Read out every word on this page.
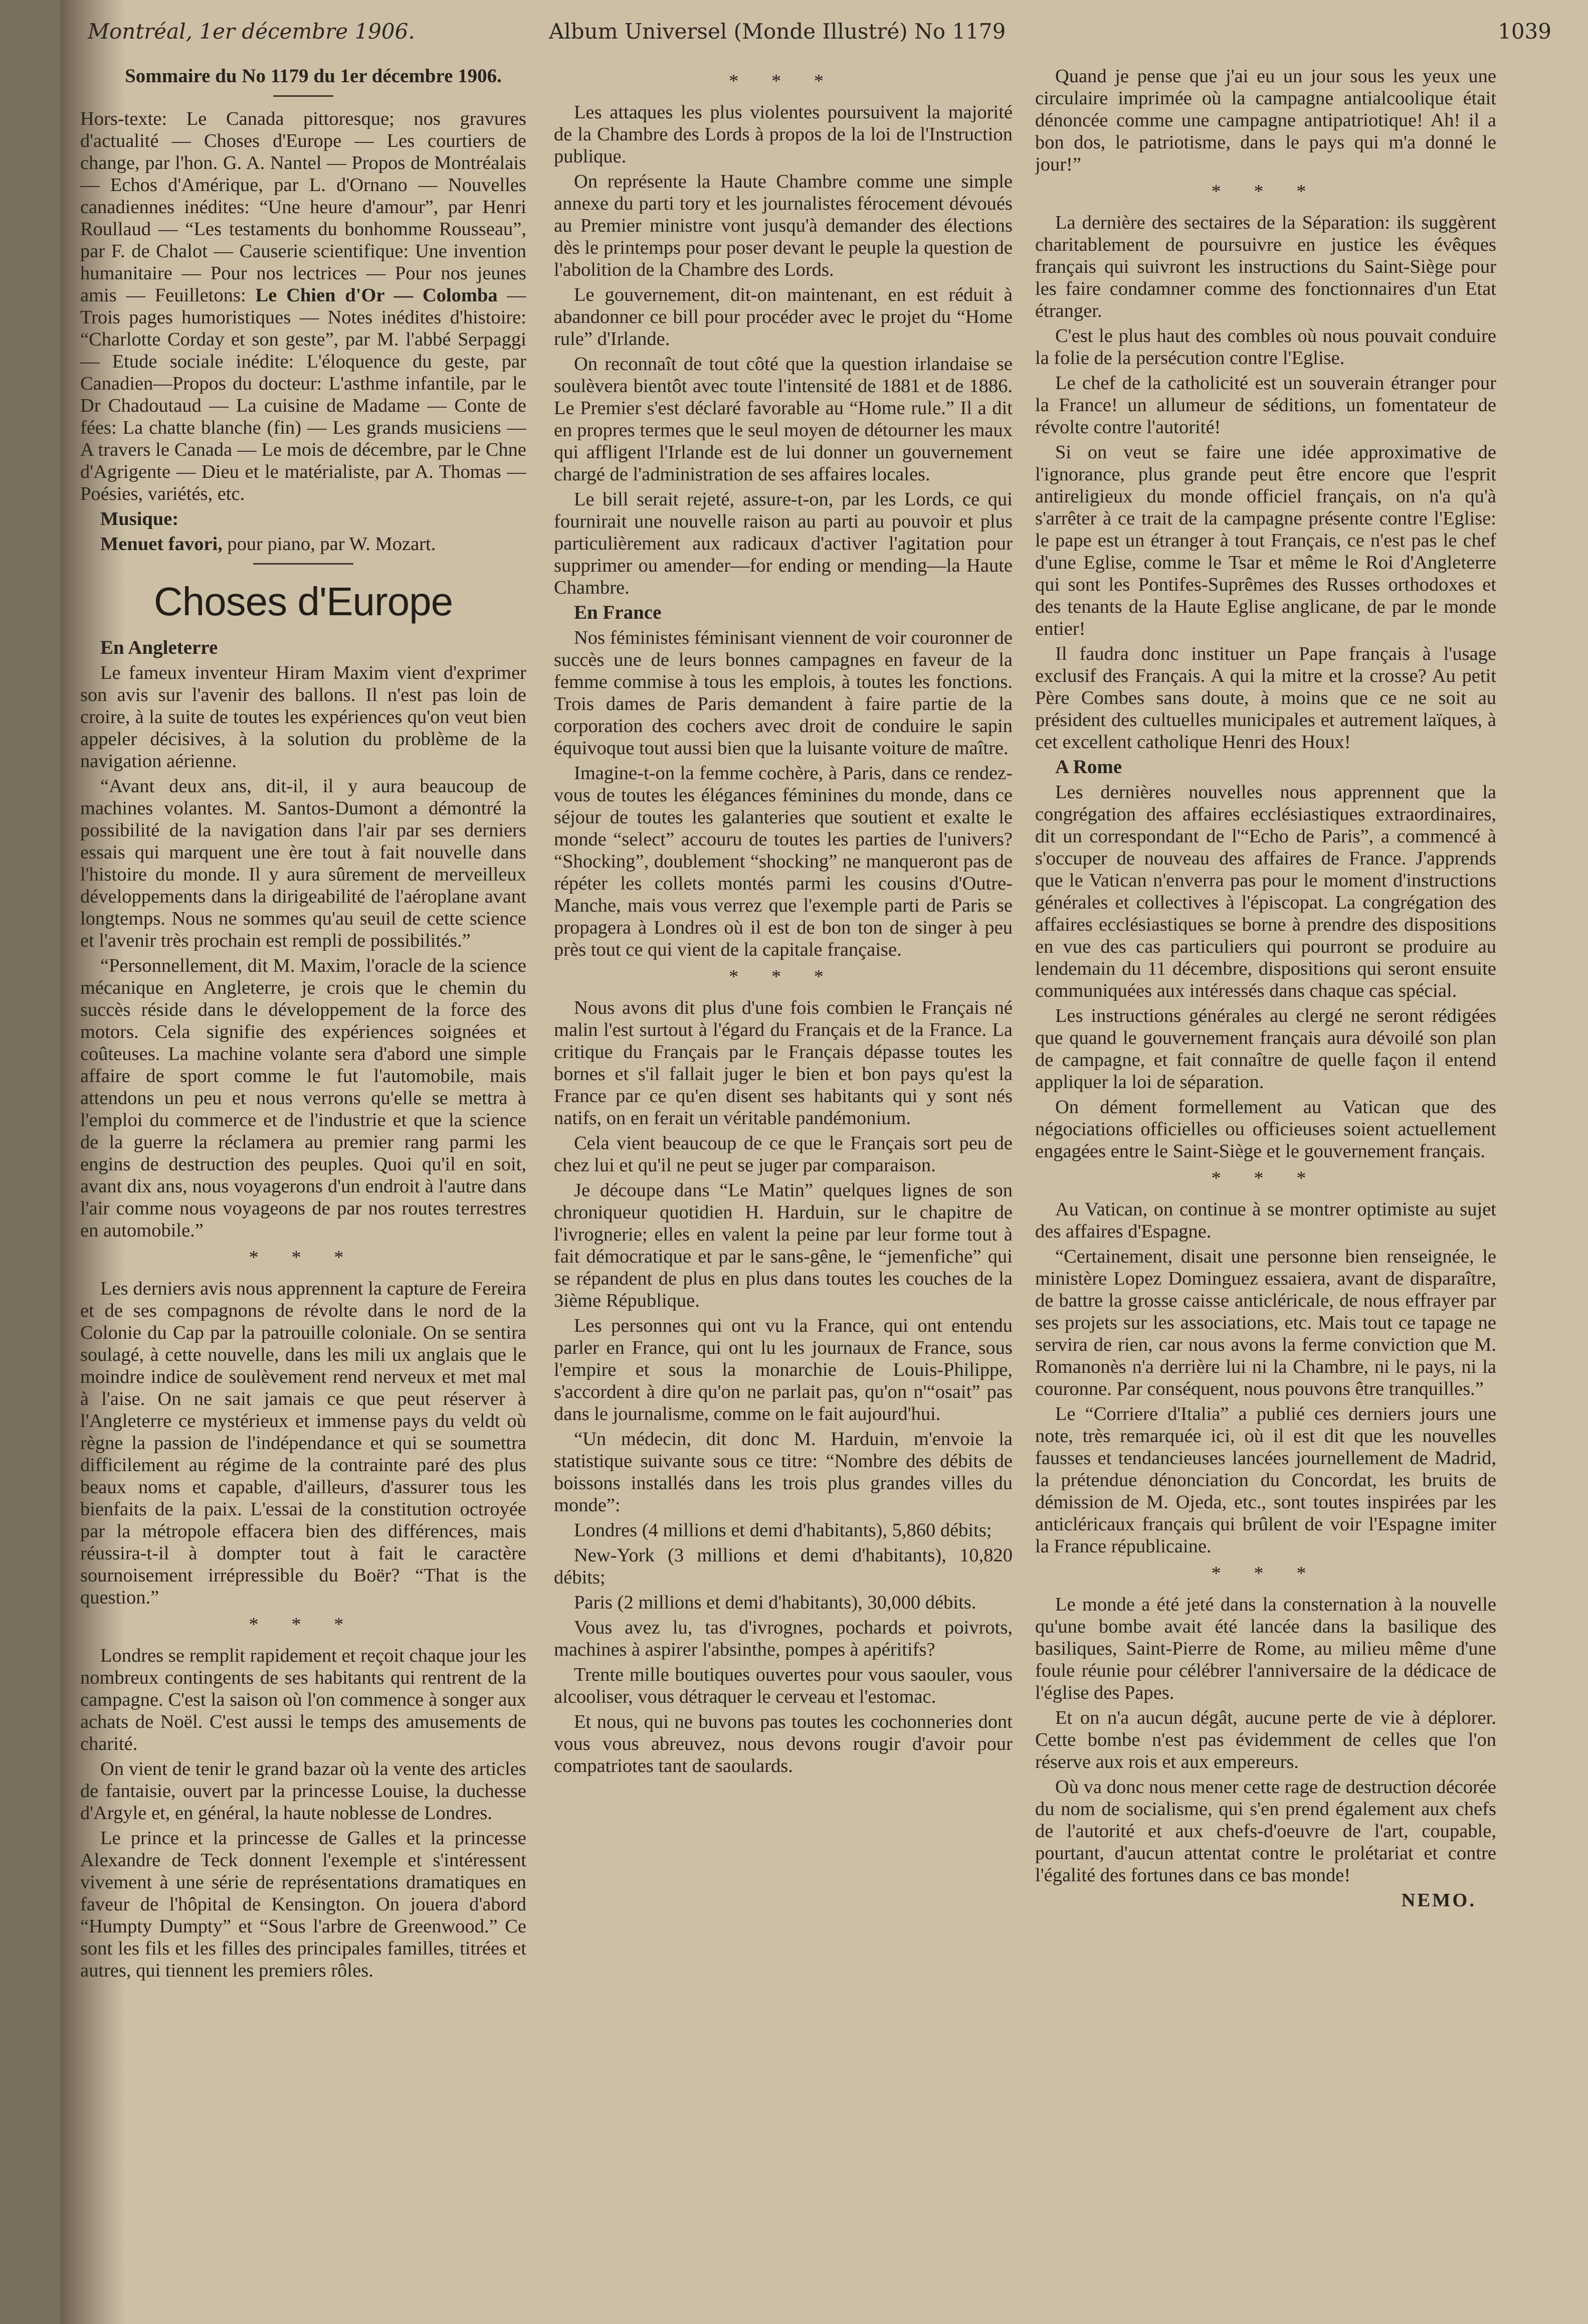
Montréal, 1er décembre 1906.	Album Universel (Monde Illustré) No 1179	1039

Sommaire du No 1179 du 1er décembre 1906.

Hors-texte: Le Canada pittoresque; nos gravures d'actualité — Choses d'Europe — Les courtiers de change, par l'hon. G. A. Nantel — Propos de Montréalais — Echos d'Amérique, par L. d'Ornano — Nouvelles canadiennes inédites: “Une heure d'amour”, par Henri Roullaud — “Les testaments du bonhomme Rousseau”, par F. de Chalot — Causerie scientifique: Une invention humanitaire — Pour nos lectrices — Pour nos jeunes amis — Feuilletons: Le Chien d'Or — Colomba — Trois pages humoristiques — Notes inédites d'histoire: “Charlotte Corday et son geste”, par M. l'abbé Serpaggi — Etude sociale inédite: L'éloquence du geste, par Canadien—Propos du docteur: L'asthme infantile, par le Dr Chadoutaud — La cuisine de Madame — Conte de fées: La chatte blanche (fin) — Les grands musiciens — A travers le Canada — Le mois de décembre, par le Chne d'Agrigente — Dieu et le matérialiste, par A. Thomas — Poésies, variétés, etc.

Musique:

Menuet favori, pour piano, par W. Mozart.

Choses d'Europe

En Angleterre

Le fameux inventeur Hiram Maxim vient d'exprimer son avis sur l'avenir des ballons. Il n'est pas loin de croire, à la suite de toutes les expériences qu'on veut bien appeler décisives, à la solution du problème de la navigation aérienne.

“Avant deux ans, dit-il, il y aura beaucoup de machines volantes. M. Santos-Dumont a démontré la possibilité de la navigation dans l'air par ses derniers essais qui marquent une ère tout à fait nouvelle dans l'histoire du monde. Il y aura sûrement de merveilleux développements dans la dirigeabilité de l'aéroplane avant longtemps. Nous ne sommes qu'au seuil de cette science et l'avenir très prochain est rempli de possibilités.”

“Personnellement, dit M. Maxim, l'oracle de la science mécanique en Angleterre, je crois que le chemin du succès réside dans le développement de la force des motors. Cela signifie des expériences soignées et coûteuses. La machine volante sera d'abord une simple affaire de sport comme le fut l'automobile, mais attendons un peu et nous verrons qu'elle se mettra à l'emploi du commerce et de l'industrie et que la science de la guerre la réclamera au premier rang parmi les engins de destruction des peuples. Quoi qu'il en soit, avant dix ans, nous voyagerons d'un endroit à l'autre dans l'air comme nous voyageons de par nos routes terrestres en automobile.”

* * *

Les derniers avis nous apprennent la capture de Fereira et de ses compagnons de révolte dans le nord de la Colonie du Cap par la patrouille coloniale. On se sentira soulagé, à cette nouvelle, dans les mili ux anglais que le moindre indice de soulèvement rend nerveux et met mal à l'aise. On ne sait jamais ce que peut réserver à l'Angleterre ce mystérieux et immense pays du veldt où règne la passion de l'indépendance et qui se soumettra difficilement au régime de la contrainte paré des plus beaux noms et capable, d'ailleurs, d'assurer tous les bienfaits de la paix. L'essai de la constitution octroyée par la métropole effacera bien des différences, mais réussira-t-il à dompter tout à fait le caractère sournoisement irrépressible du Boër? “That is the question.”

* * *

Londres se remplit rapidement et reçoit chaque jour les nombreux contingents de ses habitants qui rentrent de la campagne. C'est la saison où l'on commence à songer aux achats de Noël. C'est aussi le temps des amusements de charité.

On vient de tenir le grand bazar où la vente des articles de fantaisie, ouvert par la princesse Louise, la duchesse d'Argyle et, en général, la haute noblesse de Londres.

Le prince et la princesse de Galles et la princesse Alexandre de Teck donnent l'exemple et s'intéressent vivement à une série de représentations dramatiques en faveur de l'hôpital de Kensington. On jouera d'abord “Humpty Dumpty” et “Sous l'arbre de Greenwood.” Ce sont les fils et les filles des principales familles, titrées et autres, qui tiennent les premiers rôles.

* * *

Les attaques les plus violentes poursuivent la majorité de la Chambre des Lords à propos de la loi de l'Instruction publique.

On représente la Haute Chambre comme une simple annexe du parti tory et les journalistes férocement dévoués au Premier ministre vont jusqu'à demander des élections dès le printemps pour poser devant le peuple la question de l'abolition de la Chambre des Lords.

Le gouvernement, dit-on maintenant, en est réduit à abandonner ce bill pour procéder avec le projet du “Home rule” d'Irlande.

On reconnaît de tout côté que la question irlandaise se soulèvera bientôt avec toute l'intensité de 1881 et de 1886. Le Premier s'est déclaré favorable au “Home rule.” Il a dit en propres termes que le seul moyen de détourner les maux qui affligent l'Irlande est de lui donner un gouvernement chargé de l'administration de ses affaires locales.

Le bill serait rejeté, assure-t-on, par les Lords, ce qui fournirait une nouvelle raison au parti au pouvoir et plus particulièrement aux radicaux d'activer l'agitation pour supprimer ou amender—for ending or mending—la Haute Chambre.

En France

Nos féministes féminisant viennent de voir couronner de succès une de leurs bonnes campagnes en faveur de la femme commise à tous les emplois, à toutes les fonctions. Trois dames de Paris demandent à faire partie de la corporation des cochers avec droit de conduire le sapin équivoque tout aussi bien que la luisante voiture de maître.

Imagine-t-on la femme cochère, à Paris, dans ce rendez-vous de toutes les élégances féminines du monde, dans ce séjour de toutes les galanteries que soutient et exalte le monde “select” accouru de toutes les parties de l'univers? “Shocking”, doublement “shocking” ne manqueront pas de répéter les collets montés parmi les cousins d'Outre-Manche, mais vous verrez que l'exemple parti de Paris se propagera à Londres où il est de bon ton de singer à peu près tout ce qui vient de la capitale française.

* * *

Nous avons dit plus d'une fois combien le Français né malin l'est surtout à l'égard du Français et de la France. La critique du Français par le Français dépasse toutes les bornes et s'il fallait juger le bien et bon pays qu'est la France par ce qu'en disent ses habitants qui y sont nés natifs, on en ferait un véritable pandémonium.

Cela vient beaucoup de ce que le Français sort peu de chez lui et qu'il ne peut se juger par comparaison.

Je découpe dans “Le Matin” quelques lignes de son chroniqueur quotidien H. Harduin, sur le chapitre de l'ivrognerie; elles en valent la peine par leur forme tout à fait démocratique et par le sans-gêne, le “jemenfiche” qui se répandent de plus en plus dans toutes les couches de la 3ième République.

Les personnes qui ont vu la France, qui ont entendu parler en France, qui ont lu les journaux de France, sous l'empire et sous la monarchie de Louis-Philippe, s'accordent à dire qu'on ne parlait pas, qu'on n'“osait” pas dans le journalisme, comme on le fait aujourd'hui.

“Un médecin, dit donc M. Harduin, m'envoie la statistique suivante sous ce titre: “Nombre des débits de boissons installés dans les trois plus grandes villes du monde”:

Londres (4 millions et demi d'habitants), 5,860 débits;

New-York (3 millions et demi d'habitants), 10,820 débits;

Paris (2 millions et demi d'habitants), 30,000 débits.

Vous avez lu, tas d'ivrognes, pochards et poivrots, machines à aspirer l'absinthe, pompes à apéritifs?

Trente mille boutiques ouvertes pour vous saouler, vous alcooliser, vous détraquer le cerveau et l'estomac.

Et nous, qui ne buvons pas toutes les cochonneries dont vous vous abreuvez, nous devons rougir d'avoir pour compatriotes tant de saoulards.

Quand je pense que j'ai eu un jour sous les yeux une circulaire imprimée où la campagne antialcoolique était dénoncée comme une campagne antipatriotique! Ah! il a bon dos, le patriotisme, dans le pays qui m'a donné le jour!”

* * *

La dernière des sectaires de la Séparation: ils suggèrent charitablement de poursuivre en justice les évêques français qui suivront les instructions du Saint-Siège pour les faire condamner comme des fonctionnaires d'un Etat étranger.

C'est le plus haut des combles où nous pouvait conduire la folie de la persécution contre l'Eglise.

Le chef de la catholicité est un souverain étranger pour la France! un allumeur de séditions, un fomentateur de révolte contre l'autorité!

Si on veut se faire une idée approximative de l'ignorance, plus grande peut être encore que l'esprit antireligieux du monde officiel français, on n'a qu'à s'arrêter à ce trait de la campagne présente contre l'Eglise: le pape est un étranger à tout Français, ce n'est pas le chef d'une Eglise, comme le Tsar et même le Roi d'Angleterre qui sont les Pontifes-Suprêmes des Russes orthodoxes et des tenants de la Haute Eglise anglicane, de par le monde entier!

Il faudra donc instituer un Pape français à l'usage exclusif des Français. A qui la mitre et la crosse? Au petit Père Combes sans doute, à moins que ce ne soit au président des cultuelles municipales et autrement laïques, à cet excellent catholique Henri des Houx!

A Rome

Les dernières nouvelles nous apprennent que la congrégation des affaires ecclésiastiques extraordinaires, dit un correspondant de l'“Echo de Paris”, a commencé à s'occuper de nouveau des affaires de France. J'apprends que le Vatican n'enverra pas pour le moment d'instructions générales et collectives à l'épiscopat. La congrégation des affaires ecclésiastiques se borne à prendre des dispositions en vue des cas particuliers qui pourront se produire au lendemain du 11 décembre, dispositions qui seront ensuite communiquées aux intéressés dans chaque cas spécial.

Les instructions générales au clergé ne seront rédigées que quand le gouvernement français aura dévoilé son plan de campagne, et fait connaître de quelle façon il entend appliquer la loi de séparation.

On dément formellement au Vatican que des négociations officielles ou officieuses soient actuellement engagées entre le Saint-Siège et le gouvernement français.

* * *

Au Vatican, on continue à se montrer optimiste au sujet des affaires d'Espagne.

“Certainement, disait une personne bien renseignée, le ministère Lopez Dominguez essaiera, avant de disparaître, de battre la grosse caisse anticléricale, de nous effrayer par ses projets sur les associations, etc. Mais tout ce tapage ne servira de rien, car nous avons la ferme conviction que M. Romanonès n'a derrière lui ni la Chambre, ni le pays, ni la couronne. Par conséquent, nous pouvons être tranquilles.”

Le “Corriere d'Italia” a publié ces derniers jours une note, très remarquée ici, où il est dit que les nouvelles fausses et tendancieuses lancées journellement de Madrid, la prétendue dénonciation du Concordat, les bruits de démission de M. Ojeda, etc., sont toutes inspirées par les anticléricaux français qui brûlent de voir l'Espagne imiter la France républicaine.

* * *

Le monde a été jeté dans la consternation à la nouvelle qu'une bombe avait été lancée dans la basilique des basiliques, Saint-Pierre de Rome, au milieu même d'une foule réunie pour célébrer l'anniversaire de la dédicace de l'église des Papes.

Et on n'a aucun dégât, aucune perte de vie à déplorer. Cette bombe n'est pas évidemment de celles que l'on réserve aux rois et aux empereurs.

Où va donc nous mener cette rage de destruction décorée du nom de socialisme, qui s'en prend également aux chefs de l'autorité et aux chefs-d'oeuvre de l'art, coupable, pourtant, d'aucun attentat contre le prolétariat et contre l'égalité des fortunes dans ce bas monde!

NEMO.
